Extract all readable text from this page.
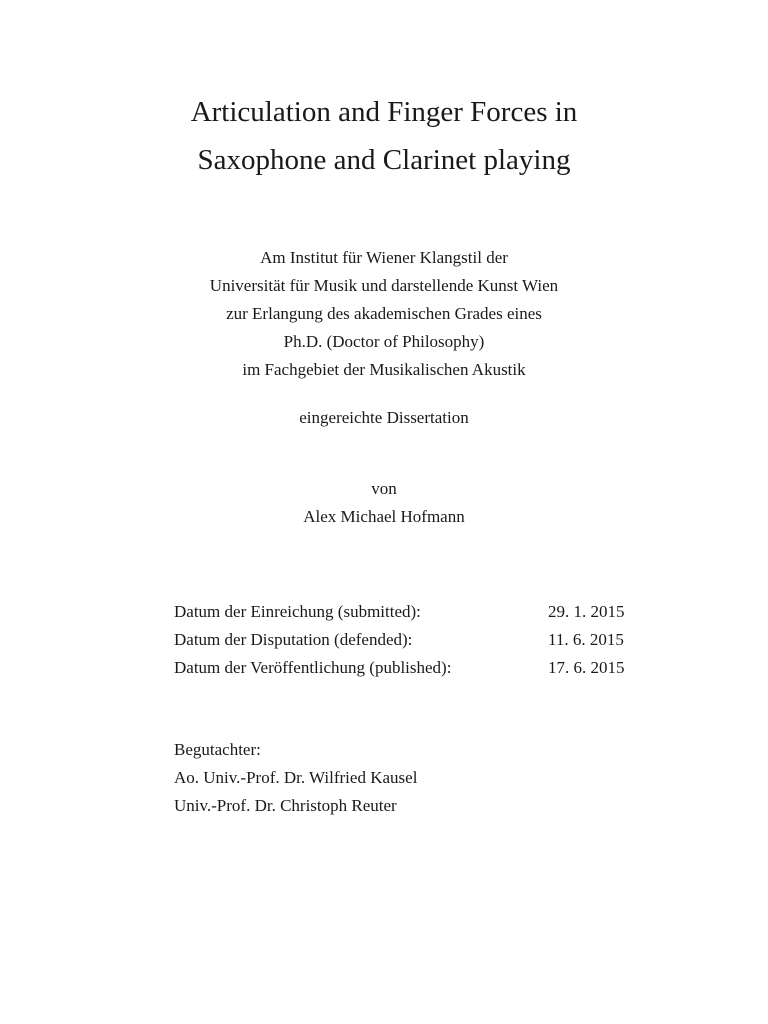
Articulation and Finger Forces in
Saxophone and Clarinet playing
Am Institut für Wiener Klangstil der
Universität für Musik und darstellende Kunst Wien
zur Erlangung des akademischen Grades eines
Ph.D. (Doctor of Philosophy)
im Fachgebiet der Musikalischen Akustik
eingereichte Dissertation
von
Alex Michael Hofmann
Datum der Einreichung (submitted):	29. 1. 2015
Datum der Disputation (defended):	11. 6. 2015
Datum der Veröffentlichung (published):	17. 6. 2015
Begutachter:
Ao. Univ.-Prof. Dr. Wilfried Kausel
Univ.-Prof. Dr. Christoph Reuter
